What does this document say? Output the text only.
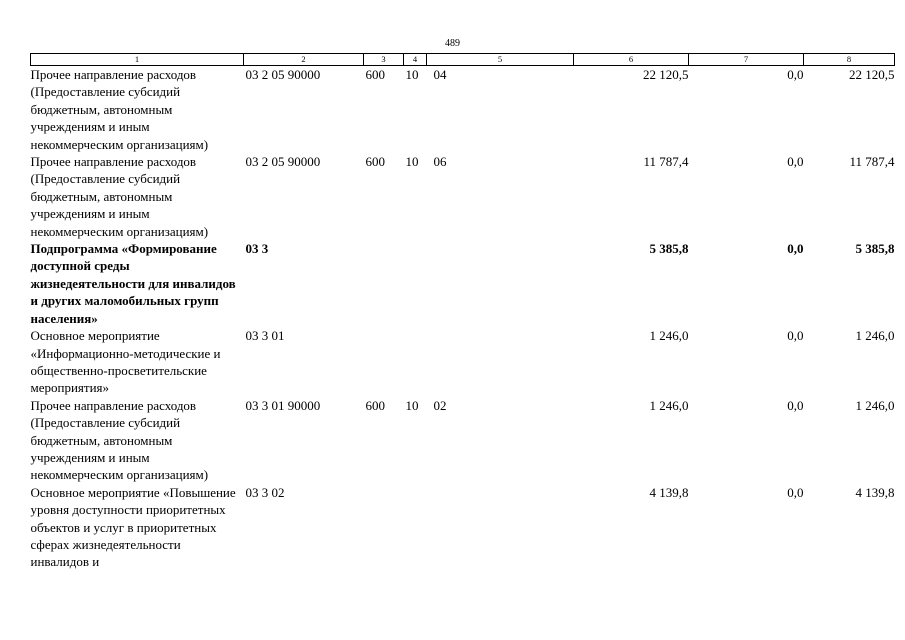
489
1	2	3	4	5	6	7	8
Прочее направление расходов (Предоставление субсидий бюджетным, автономным учреждениям и иным некоммерческим организациям)	03 2 05 90000	600	10	04	22 120,5	0,0	22 120,5
Прочее направление расходов (Предоставление субсидий бюджетным, автономным учреждениям и иным некоммерческим организациям)	03 2 05 90000	600	10	06	11 787,4	0,0	11 787,4
Подпрограмма «Формирование доступной среды жизнедеятельности для инвалидов и других маломобильных групп населения»	03 3				5 385,8	0,0	5 385,8
Основное мероприятие «Информационно-методические и общественно-просветительские мероприятия»	03 3 01				1 246,0	0,0	1 246,0
Прочее направление расходов (Предоставление субсидий бюджетным, автономным учреждениям и иным некоммерческим организациям)	03 3 01 90000	600	10	02	1 246,0	0,0	1 246,0
Основное мероприятие «Повышение уровня доступности приоритетных объектов и услуг в приоритетных сферах жизнедеятельности инвалидов и	03 3 02				4 139,8	0,0	4 139,8
